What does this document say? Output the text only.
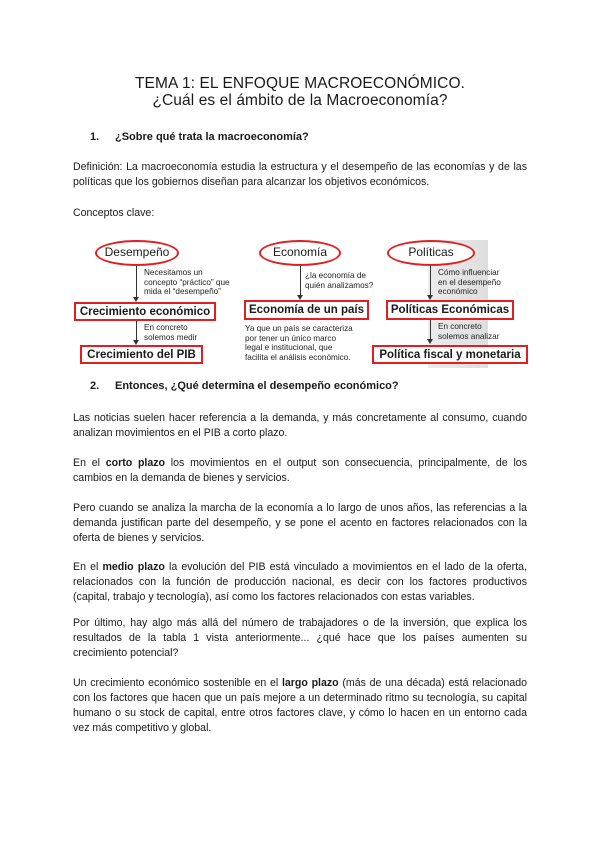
TEMA 1: EL ENFOQUE MACROECONÓMICO.
¿Cuál es el ámbito de la Macroeconomía?
1. ¿Sobre qué trata la macroeconomía?
Definición: La macroeconomía estudia la estructura y el desempeño de las economías y de las políticas que los gobiernos diseñan para alcanzar los objetivos económicos.
Conceptos clave:
Desempeño
Necesitamos un
concepto “práctico” que
mida el “desempeño”
Crecimiento económico
En concreto
solemos medir
Crecimiento del PIB
Economía
¿la economía de
quién analizamos?
Economía de un país
Ya que un país se caracteriza
por tener un único marco
legal e institucional, que
facilita el análisis económico.
Políticas
Cómo influenciar
en el desempeño
económico
Políticas Económicas
En concreto
solemos analizar
Política fiscal y monetaria
2. Entonces, ¿Qué determina el desempeño económico?
Las noticias suelen hacer referencia a la demanda, y más concretamente al consumo, cuando analizan movimientos en el PIB a corto plazo.
En el corto plazo los movimientos en el output son consecuencia, principalmente, de los cambios en la demanda de bienes y servicios.
Pero cuando se analiza la marcha de la economía a lo largo de unos años, las referencias a la demanda justifican parte del desempeño, y se pone el acento en factores relacionados con la oferta de bienes y servicios.
En el medio plazo la evolución del PIB está vinculado a movimientos en el lado de la oferta, relacionados con la función de producción nacional, es decir con los factores productivos (capital, trabajo y tecnología), así como los factores relacionados con estas variables.
Por último, hay algo más allá del número de trabajadores o de la inversión, que explica los resultados de la tabla 1 vista anteriormente... ¿qué hace que los países aumenten su crecimiento potencial?
Un crecimiento económico sostenible en el largo plazo (más de una década) está relacionado con los factores que hacen que un país mejore a un determinado ritmo su tecnología, su capital humano o su stock de capital, entre otros factores clave, y cómo lo hacen en un entorno cada vez más competitivo y global.
